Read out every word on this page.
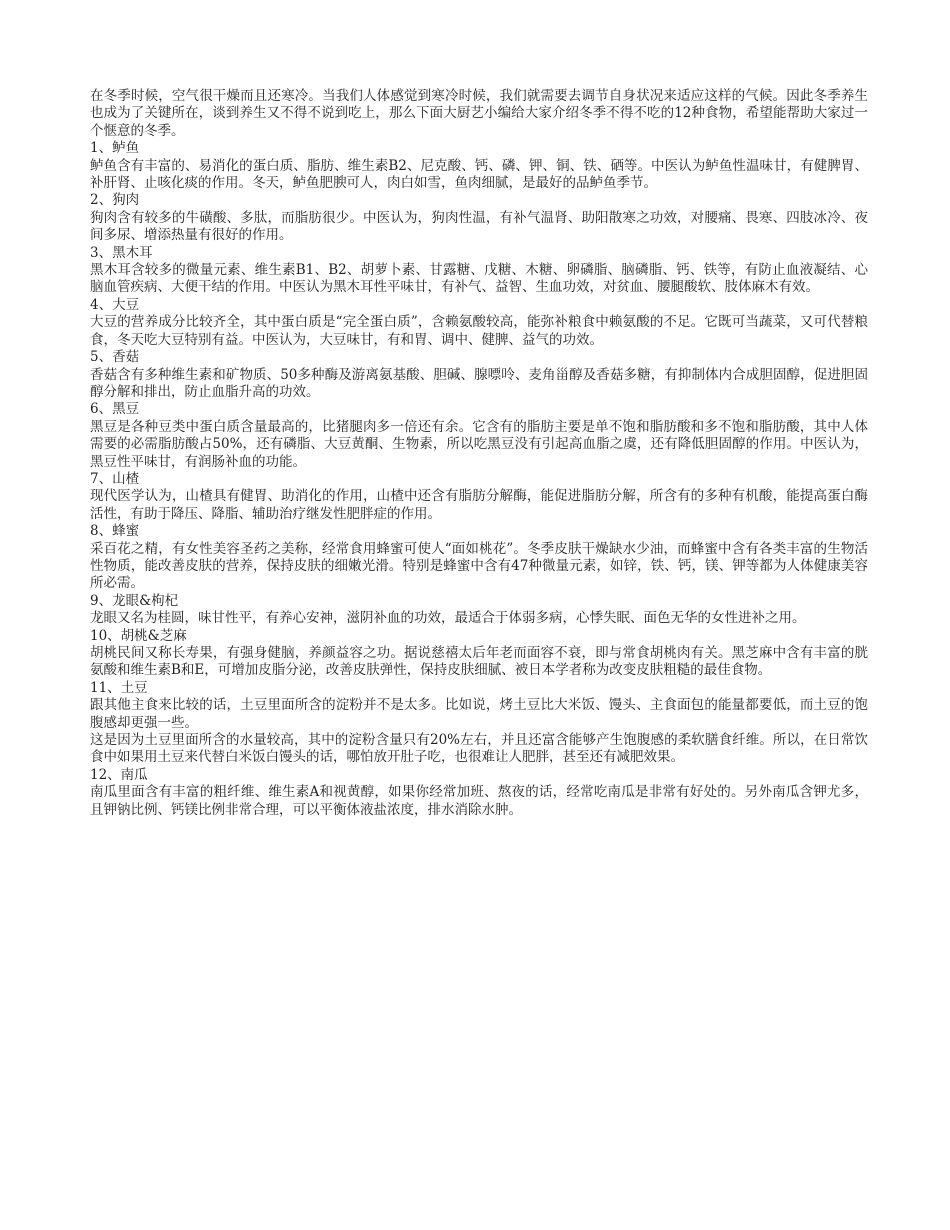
在冬季时候，空气很干燥而且还寒冷。当我们人体感觉到寒冷时候，我们就需要去调节自身状况来适应这样的气候。因此冬季养生也成为了关键所在，谈到养生又不得不说到吃上，那么下面大厨艺小编给大家介绍冬季不得不吃的12种食物，希望能帮助大家过一个惬意的冬季。

1、鲈鱼

鲈鱼含有丰富的、易消化的蛋白质、脂肪、维生素B2、尼克酸、钙、磷、钾、铜、铁、硒等。中医认为鲈鱼性温味甘，有健脾胃、补肝肾、止咳化痰的作用。冬天，鲈鱼肥腴可人，肉白如雪，鱼肉细腻，是最好的品鲈鱼季节。

2、狗肉

狗肉含有较多的牛磺酸、多肽，而脂肪很少。中医认为，狗肉性温，有补气温肾、助阳散寒之功效，对腰痛、畏寒、四肢冰冷、夜间多尿、增添热量有很好的作用。

3、黑木耳

黑木耳含较多的微量元素、维生素B1、B2、胡萝卜素、甘露糖、戊糖、木糖、卵磷脂、脑磷脂、钙、铁等，有防止血液凝结、心脑血管疾病、大便干结的作用。中医认为黑木耳性平味甘，有补气、益智、生血功效，对贫血、腰腿酸软、肢体麻木有效。

4、大豆

大豆的营养成分比较齐全，其中蛋白质是“完全蛋白质”，含赖氨酸较高，能弥补粮食中赖氨酸的不足。它既可当蔬菜，又可代替粮食，冬天吃大豆特别有益。中医认为，大豆味甘，有和胃、调中、健脾、益气的功效。

5、香菇

香菇含有多种维生素和矿物质、50多种酶及游离氨基酸、胆碱、腺嘌呤、麦角甾醇及香菇多糖，有抑制体内合成胆固醇，促进胆固醇分解和排出，防止血脂升高的功效。

6、黑豆

黑豆是各种豆类中蛋白质含量最高的，比猪腿肉多一倍还有余。它含有的脂肪主要是单不饱和脂肪酸和多不饱和脂肪酸，其中人体需要的必需脂肪酸占50%，还有磷脂、大豆黄酮、生物素，所以吃黑豆没有引起高血脂之虞，还有降低胆固醇的作用。中医认为，黑豆性平味甘，有润肠补血的功能。

7、山楂

现代医学认为，山楂具有健胃、助消化的作用，山楂中还含有脂肪分解酶，能促进脂肪分解，所含有的多种有机酸，能提高蛋白酶活性，有助于降压、降脂、辅助治疗继发性肥胖症的作用。

8、蜂蜜

采百花之精，有女性美容圣药之美称，经常食用蜂蜜可使人“面如桃花”。冬季皮肤干燥缺水少油，而蜂蜜中含有各类丰富的生物活性物质，能改善皮肤的营养，保持皮肤的细嫩光滑。特别是蜂蜜中含有47种微量元素，如锌，铁、钙，镁、钾等都为人体健康美容所必需。

9、龙眼&枸杞

龙眼又名为桂圆，味甘性平，有养心安神，滋阴补血的功效，最适合于体弱多病，心悸失眠、面色无华的女性进补之用。

10、胡桃&芝麻

胡桃民间又称长寿果，有强身健脑，养颜益容之功。据说慈禧太后年老而面容不衰，即与常食胡桃肉有关。黑芝麻中含有丰富的胱氨酸和维生素B和E，可增加皮脂分泌，改善皮肤弹性，保持皮肤细腻、被日本学者称为改变皮肤粗糙的最佳食物。

11、土豆

跟其他主食来比较的话，土豆里面所含的淀粉并不是太多。比如说，烤土豆比大米饭、馒头、主食面包的能量都要低，而土豆的饱腹感却更强一些。

这是因为土豆里面所含的水量较高，其中的淀粉含量只有20%左右，并且还富含能够产生饱腹感的柔软膳食纤维。所以，在日常饮食中如果用土豆来代替白米饭白馒头的话，哪怕放开肚子吃，也很难让人肥胖，甚至还有减肥效果。

12、南瓜

南瓜里面含有丰富的粗纤维、维生素A和视黄醇，如果你经常加班、熬夜的话，经常吃南瓜是非常有好处的。另外南瓜含钾尤多，且钾钠比例、钙镁比例非常合理，可以平衡体液盐浓度，排水消除水肿。
